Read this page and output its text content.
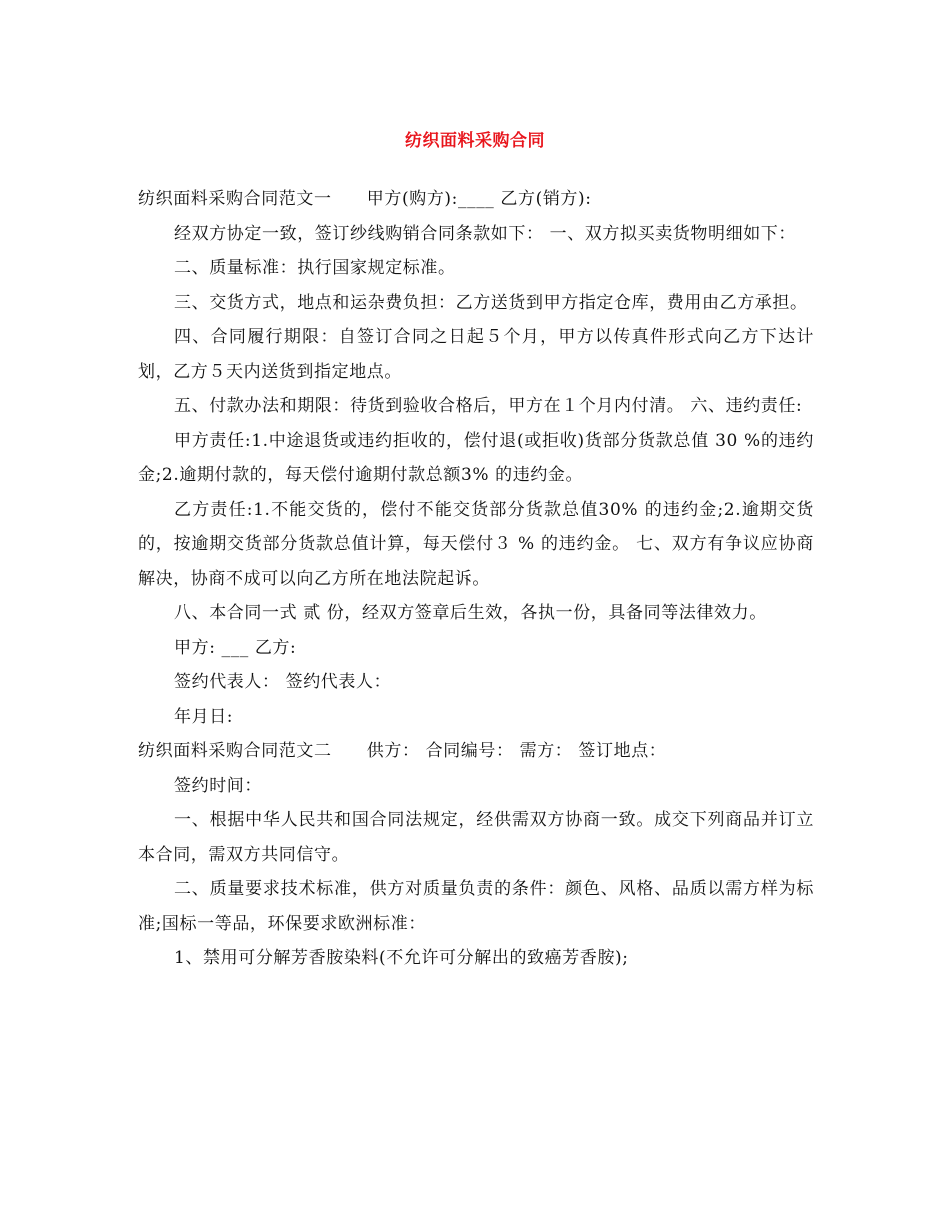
纺织面料采购合同

纺织面料采购合同范文一　　甲方(购方):____ 乙方(销方):

经双方协定一致，签订纱线购销合同条款如下： 一、双方拟买卖货物明细如下：

二、质量标准：执行国家规定标准。

三、交货方式，地点和运杂费负担：乙方送货到甲方指定仓库，费用由乙方承担。

四、合同履行期限：自签订合同之日起５个月，甲方以传真件形式向乙方下达计划，乙方５天内送货到指定地点。

五、付款办法和期限：待货到验收合格后，甲方在１个月内付清。 六、违约责任:

甲方责任:1.中途退货或违约拒收的，偿付退(或拒收)货部分货款总值 30 %的违约金;2.逾期付款的，每天偿付逾期付款总额3% 的违约金。

乙方责任:1.不能交货的，偿付不能交货部分货款总值30% 的违约金;2.逾期交货的，按逾期交货部分货款总值计算，每天偿付３ % 的违约金。 七、双方有争议应协商解决，协商不成可以向乙方所在地法院起诉。

八、本合同一式 贰 份，经双方签章后生效，各执一份，具备同等法律效力。

甲方: ___ 乙方:

签约代表人： 签约代表人：

年月日:

纺织面料采购合同范文二　　供方： 合同编号： 需方： 签订地点：

签约时间：

一、根据中华人民共和国合同法规定，经供需双方协商一致。成交下列商品并订立本合同，需双方共同信守。

二、质量要求技术标准，供方对质量负责的条件：颜色、风格、品质以需方样为标准;国标一等品，环保要求欧洲标准：

1、禁用可分解芳香胺染料(不允许可分解出的致癌芳香胺);
